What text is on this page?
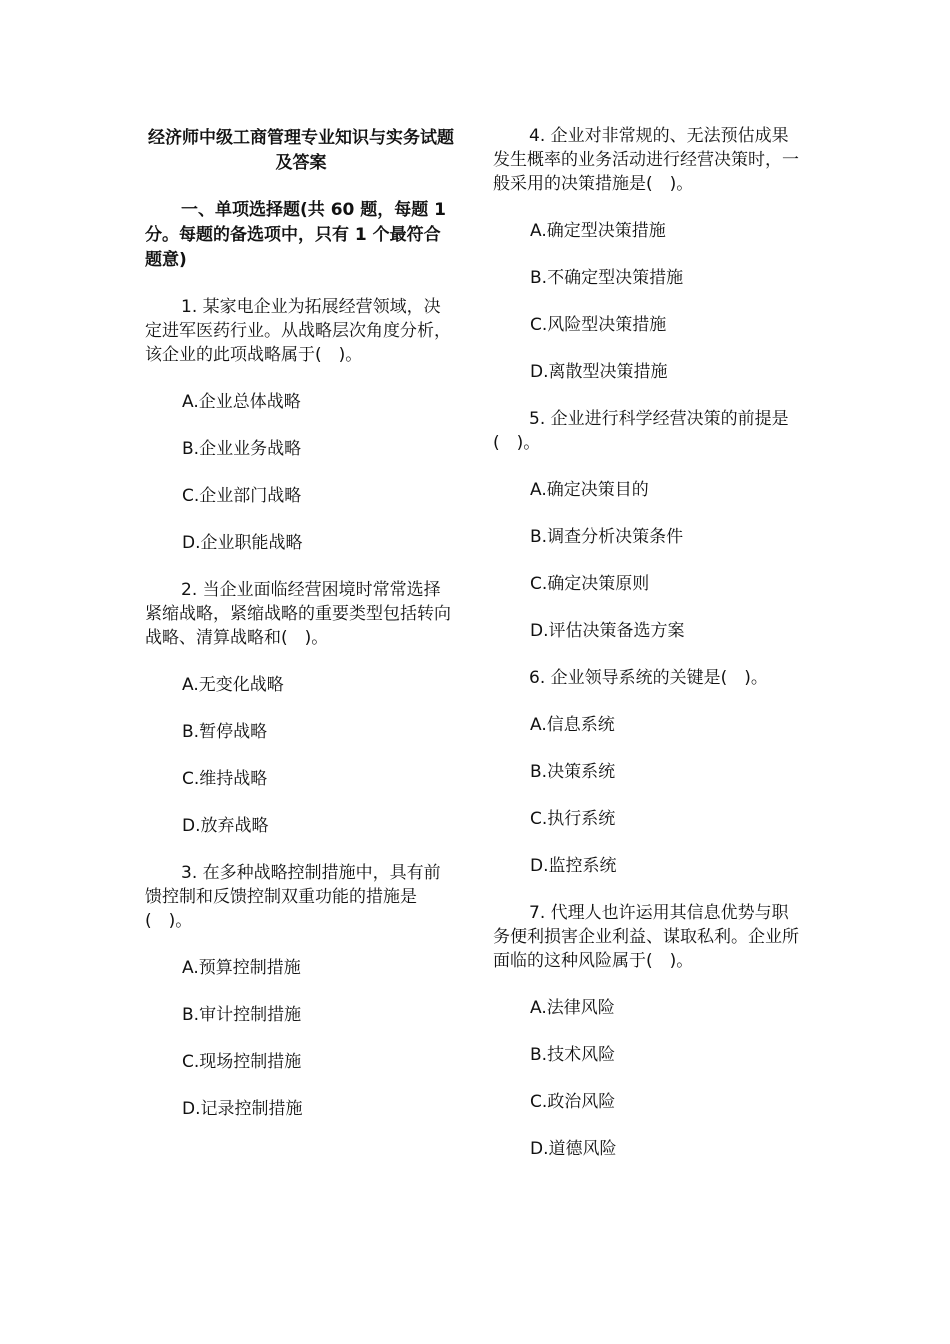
经济师中级工商管理专业知识与实务试题及答案
一、单项选择题(共 60 题，每题 1 分。每题的备选项中，只有 1 个最符合题意)
1. 某家电企业为拓展经营领域，决定进军医药行业。从战略层次角度分析，该企业的此项战略属于(　)。
A.企业总体战略
B.企业业务战略
C.企业部门战略
D.企业职能战略
2. 当企业面临经营困境时常常选择紧缩战略，紧缩战略的重要类型包括转向战略、清算战略和(　)。
A.无变化战略
B.暂停战略
C.维持战略
D.放弃战略
3. 在多种战略控制措施中，具有前馈控制和反馈控制双重功能的措施是(　)。
A.预算控制措施
B.审计控制措施
C.现场控制措施
D.记录控制措施
4. 企业对非常规的、无法预估成果发生概率的业务活动进行经营决策时，一般采用的决策措施是(　)。
A.确定型决策措施
B.不确定型决策措施
C.风险型决策措施
D.离散型决策措施
5. 企业进行科学经营决策的前提是(　)。
A.确定决策目的
B.调查分析决策条件
C.确定决策原则
D.评估决策备选方案
6. 企业领导系统的关键是(　)。
A.信息系统
B.决策系统
C.执行系统
D.监控系统
7. 代理人也许运用其信息优势与职务便利损害企业利益、谋取私利。企业所面临的这种风险属于(　)。
A.法律风险
B.技术风险
C.政治风险
D.道德风险
